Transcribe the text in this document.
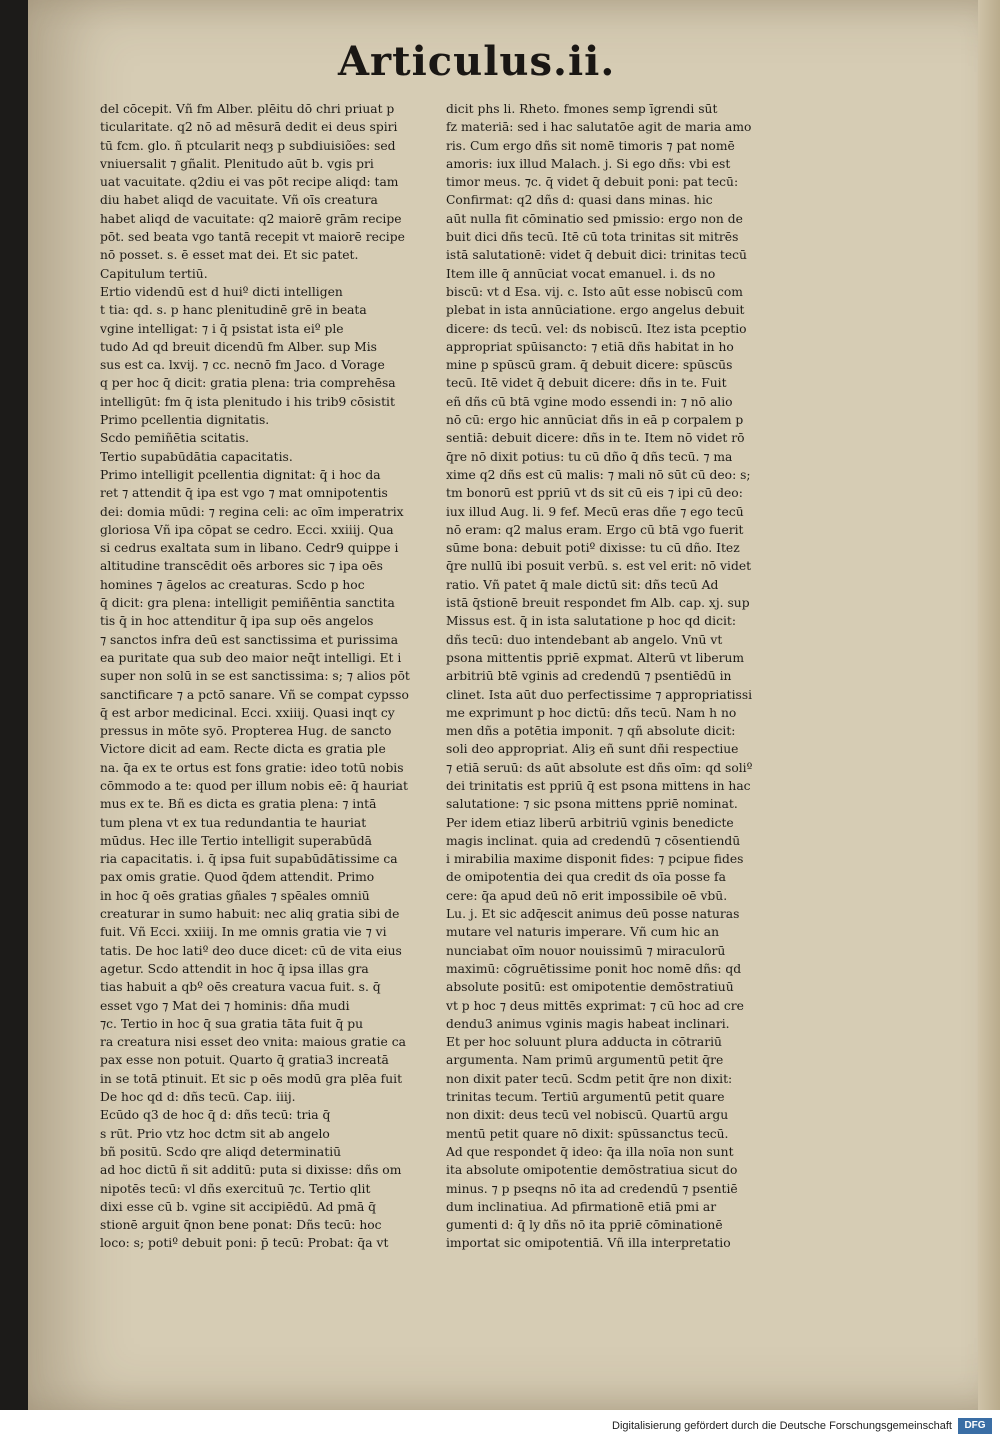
Articulus.ii.
del cōcepit. Vñ fm Alber. plēitu dō chri priuat p
ticularitate. q2 nō ad mēsurā dedit ei deus spiri
tū fcm. glo. ñ ptcularit neqȝ p subdiuisiões: sed
vniuersalit ⁊ gñalit. Plenitudo aūt b. vgis pri
uat vacuitate. q2diu ei vas pōt recipe aliqd: tam
diu habet aliqd de vacuitate. Vñ oīs creatura
habet aliqd de vacuitate: q2 maiorē grām recipe
pōt. sed beata vgo tantā recepit vt maiorē recipe
nō posset. s. ē esset mat dei. Et sic patet.
Capitulum tertiū.
Ertio videndū est d huiº dicti intelligen
t tia: qd. s. p hanc plenitudinē grē in beata
vgine intelligat: ⁊ i q̄ psistat ista eiº ple
tudo Ad qd breuit dicendū fm Alber. sup Mis
sus est ca. lxvij. ⁊ cc. necnō fm Jaco. d Vorage
q per hoc q̄ dicit: gratia plena: tria comprehēsa
intelligūt: fm q̄ ista plenitudo i his trib9 cōsistit
Primo pcellentia dignitatis.
Scdo pemiñētia scitatis.
Tertio supabūdātia capacitatis.
Primo intelligit pcellentia dignitat: q̄ i hoc da
ret ⁊ attendit q̄ ipa est vgo ⁊ mat omnipotentis
dei: domia mūdi: ⁊ regina celi: ac oīm imperatrix
gloriosa Vñ ipa cōpat se cedro. Ecci. xxiiij. Qua
si cedrus exaltata sum in libano. Cedr9 quippe i
altitudine transcēdit oēs arbores sic ⁊ ipa oēs
homines ⁊ āgelos ac creaturas. Scdo p hoc
q̄ dicit: gra plena: intelligit pemiñēntia sanctita
tis q̄ in hoc attenditur q̄ ipa sup oēs angelos
⁊ sanctos infra deū est sanctissima et purissima
ea puritate qua sub deo maior neq̄t intelligi. Et i
super non solū in se est sanctissima: s; ⁊ alios pōt
sanctificare ⁊ a pctō sanare. Vñ se compat cypsso
q̄ est arbor medicinal. Ecci. xxiiij. Quasi inqt cy
pressus in mōte syō. Propterea Hug. de sancto
Victore dicit ad eam. Recte dicta es gratia ple
na. q̄a ex te ortus est fons gratie: ideo totū nobis
cōmmodo a te: quod per illum nobis eē: q̄ hauriat
mus ex te. Bñ es dicta es gratia plena: ⁊ intā
tum plena vt ex tua redundantia te hauriat
mūdus. Hec ille Tertio intelligit superabūdā
ria capacitatis. i. q̄ ipsa fuit supabūdātissime ca
pax omis gratie. Quod q̄dem attendit. Primo
in hoc q̄ oēs gratias gñales ⁊ spēales omniū
creaturar in sumo habuit: nec aliq gratia sibi de
fuit. Vñ Ecci. xxiiij. In me omnis gratia vie ⁊ vi
tatis. De hoc latiº deo duce dicet: cū de vita eius
agetur. Scdo attendit in hoc q̄ ipsa illas gra
tias habuit a qbº oēs creatura vacua fuit. s. q̄
esset vgo ⁊ Mat dei ⁊ hominis: dña mudi
⁊c. Tertio in hoc q̄ sua gratia tāta fuit q̄ pu
ra creatura nisi esset deo vnita: maious gratie ca
pax esse non potuit. Quarto q̄ gratia3 increatā
in se totā ptinuit. Et sic p oēs modū gra plēa fuit
De hoc qd d: dñs tecū. Cap. iiij.
Ecūdo q3 de hoc q̄ d: dñs tecū: tria q̄
s rūt. Prio vtz hoc dctm sit ab angelo
bñ positū. Scdo qre aliqd determinatiū
ad hoc dictū ñ sit additū: puta si dixisse: dñs om
nipotēs tecū: vl dñs exercituū ⁊c. Tertio qlit
dixi esse cū b. vgine sit accipiēdū. Ad pmā q̄
stionē arguit q̄non bene ponat: Dñs tecū: hoc
loco: s; potiº debuit poni: p̄ tecū: Probat: q̄a vt
dicit phs li. Rheto. fmones semp īgrendi sūt
fz materiā: sed i hac salutatōe agit de maria amo
ris. Cum ergo dñs sit nomē timoris ⁊ pat nomē
amoris: iux illud Malach. j. Si ego dñs: vbi est
timor meus. ⁊c. q̄ videt q̄ debuit poni: pat tecū:
Confirmat: q2 dñs d: quasi dans minas. hic
aūt nulla fit cōminatio sed pmissio: ergo non de
buit dici dñs tecū. Itē cū tota trinitas sit mitrēs
istā salutationē: videt q̄ debuit dici: trinitas tecū
Item ille q̄ annūciat vocat emanuel. i. ds no
biscū: vt d Esa. vij. c. Isto aūt esse nobiscū com
plebat in ista annūciatione. ergo angelus debuit
dicere: ds tecū. vel: ds nobiscū. Itez ista pceptio
appropriat spūisancto: ⁊ etiā dñs habitat in ho
mine p spūscū gram. q̄ debuit dicere: spūscūs
tecū. Itē videt q̄ debuit dicere: dñs in te. Fuit
eñ dñs cū btā vgine modo essendi in: ⁊ nō alio
nō cū: ergo hic annūciat dñs in eā p corpalem p
sentiā: debuit dicere: dñs in te. Item nō videt rō
q̄re nō dixit potius: tu cū dño q̄ dñs tecū. ⁊ ma
xime q2 dñs est cū malis: ⁊ mali nō sūt cū deo: s;
tm bonorū est ppriū vt ds sit cū eis ⁊ ipi cū deo:
iux illud Aug. li. 9 fef. Mecū eras dñe ⁊ ego tecū
nō eram: q2 malus eram. Ergo cū btā vgo fuerit
sūme bona: debuit potiº dixisse: tu cū dño. Itez
q̄re nullū ibi posuit verbū. s. est vel erit: nō videt
ratio. Vñ patet q̄ male dictū sit: dñs tecū Ad
istā q̄stionē breuit respondet fm Alb. cap. xj. sup
Missus est. q̄ in ista salutatione p hoc qd dicit:
dñs tecū: duo intendebant ab angelo. Vnū vt
psona mittentis ppriē expmat. Alterū vt liberum
arbitriū btē vginis ad credendū ⁊ psentiēdū in
clinet. Ista aūt duo perfectissime ⁊ appropriatissi
me exprimunt p hoc dictū: dñs tecū. Nam h no
men dñs a potētia imponit. ⁊ qñ absolute dicit:
soli deo appropriat. Aliȝ eñ sunt dñi respectiue
⁊ etiā seruū: ds aūt absolute est dñs oīm: qd soliº
dei trinitatis est ppriū q̄ est psona mittens in hac
salutatione: ⁊ sic psona mittens ppriē nominat.
Per idem etiaz liberū arbitriū vginis benedicte
magis inclinat. quia ad credendū ⁊ cōsentiendū
i mirabilia maxime disponit fides: ⁊ pcipue fides
de omipotentia dei qua credit ds oīa posse fa
cere: q̄a apud deū nō erit impossibile oē vbū.
Lu. j. Et sic adq̄escit animus deū posse naturas
mutare vel naturis imperare. Vñ cum hic an
nunciabat oīm nouor nouissimū ⁊ miraculorū
maximū: cōgruētissime ponit hoc nomē dñs: qd
absolute positū: est omipotentie demōstratiuū
vt p hoc ⁊ deus mittēs exprimat: ⁊ cū hoc ad cre
dendu3 animus vginis magis habeat inclinari.
Et per hoc soluunt plura adducta in cōtrariū
argumenta. Nam primū argumentū petit q̄re
non dixit pater tecū. Scdm petit q̄re non dixit:
trinitas tecum. Tertiū argumentū petit quare
non dixit: deus tecū vel nobiscū. Quartū argu
mentū petit quare nō dixit: spūssanctus tecū.
Ad que respondet q̄ ideo: q̄a illa noīa non sunt
ita absolute omipotentie demōstratiua sicut do
minus. ⁊ p pseqns nō ita ad credendū ⁊ psentiē
dum inclinatiua. Ad pfirmationē etiā pmi ar
gumenti d: q̄ ly dñs nō ita ppriē cōminationē
importat sic omipotentiā. Vñ illa interpretatio
Digitalisierung gefördert durch die Deutsche Forschungsgemeinschaft	DFG
